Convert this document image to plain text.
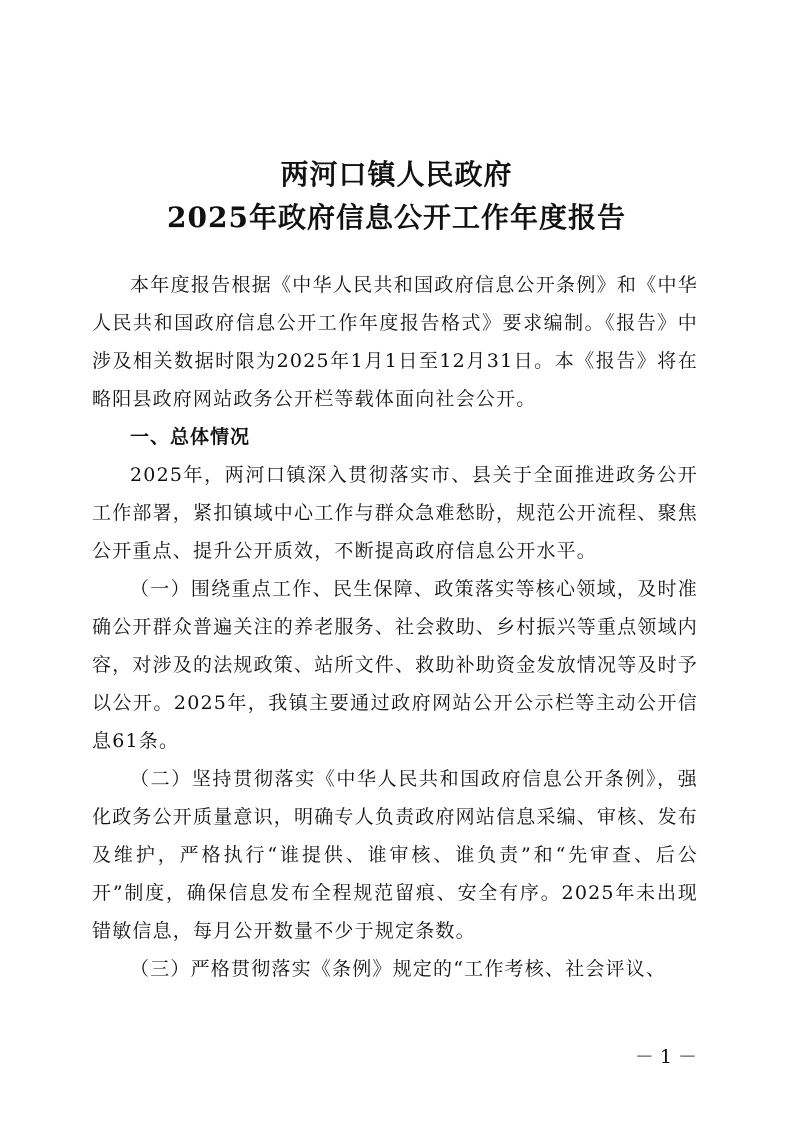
两河口镇人民政府
2025年政府信息公开工作年度报告

本年度报告根据《中华人民共和国政府信息公开条例》和《中华人民共和国政府信息公开工作年度报告格式》要求编制。《报告》中涉及相关数据时限为2025年1月1日至12月31日。本《报告》将在略阳县政府网站政务公开栏等载体面向社会公开。

一、总体情况

2025年，两河口镇深入贯彻落实市、县关于全面推进政务公开工作部署，紧扣镇域中心工作与群众急难愁盼，规范公开流程、聚焦公开重点、提升公开质效，不断提高政府信息公开水平。

（一）围绕重点工作、民生保障、政策落实等核心领域，及时准确公开群众普遍关注的养老服务、社会救助、乡村振兴等重点领域内容，对涉及的法规政策、站所文件、救助补助资金发放情况等及时予以公开。2025年，我镇主要通过政府网站公开公示栏等主动公开信息61条。

（二）坚持贯彻落实《中华人民共和国政府信息公开条例》，强化政务公开质量意识，明确专人负责政府网站信息采编、审核、发布及维护，严格执行“谁提供、谁审核、谁负责”和“先审查、后公开”制度，确保信息发布全程规范留痕、安全有序。2025年未出现错敏信息，每月公开数量不少于规定条数。

（三）严格贯彻落实《条例》规定的“工作考核、社会评议、

－ 1 －
